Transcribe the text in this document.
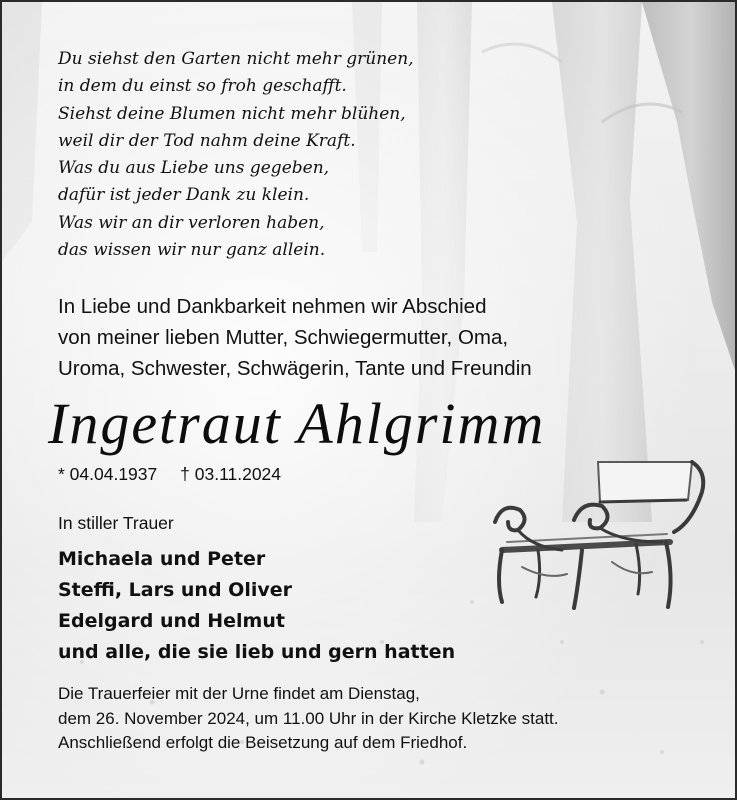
Du siehst den Garten nicht mehr grünen,
in dem du einst so froh geschafft.
Siehst deine Blumen nicht mehr blühen,
weil dir der Tod nahm deine Kraft.
Was du aus Liebe uns gegeben,
dafür ist jeder Dank zu klein.
Was wir an dir verloren haben,
das wissen wir nur ganz allein.
In Liebe und Dankbarkeit nehmen wir Abschied
von meiner lieben Mutter, Schwiegermutter, Oma,
Uroma, Schwester, Schwägerin, Tante und Freundin
Ingetraut Ahlgrimm
* 04.04.1937 † 03.11.2024
In stiller Trauer
Michaela und Peter
Steffi, Lars und Oliver
Edelgard und Helmut
und alle, die sie lieb und gern hatten
Die Trauerfeier mit der Urne findet am Dienstag,
dem 26. November 2024, um 11.00 Uhr in der Kirche Kletzke statt.
Anschließend erfolgt die Beisetzung auf dem Friedhof.
